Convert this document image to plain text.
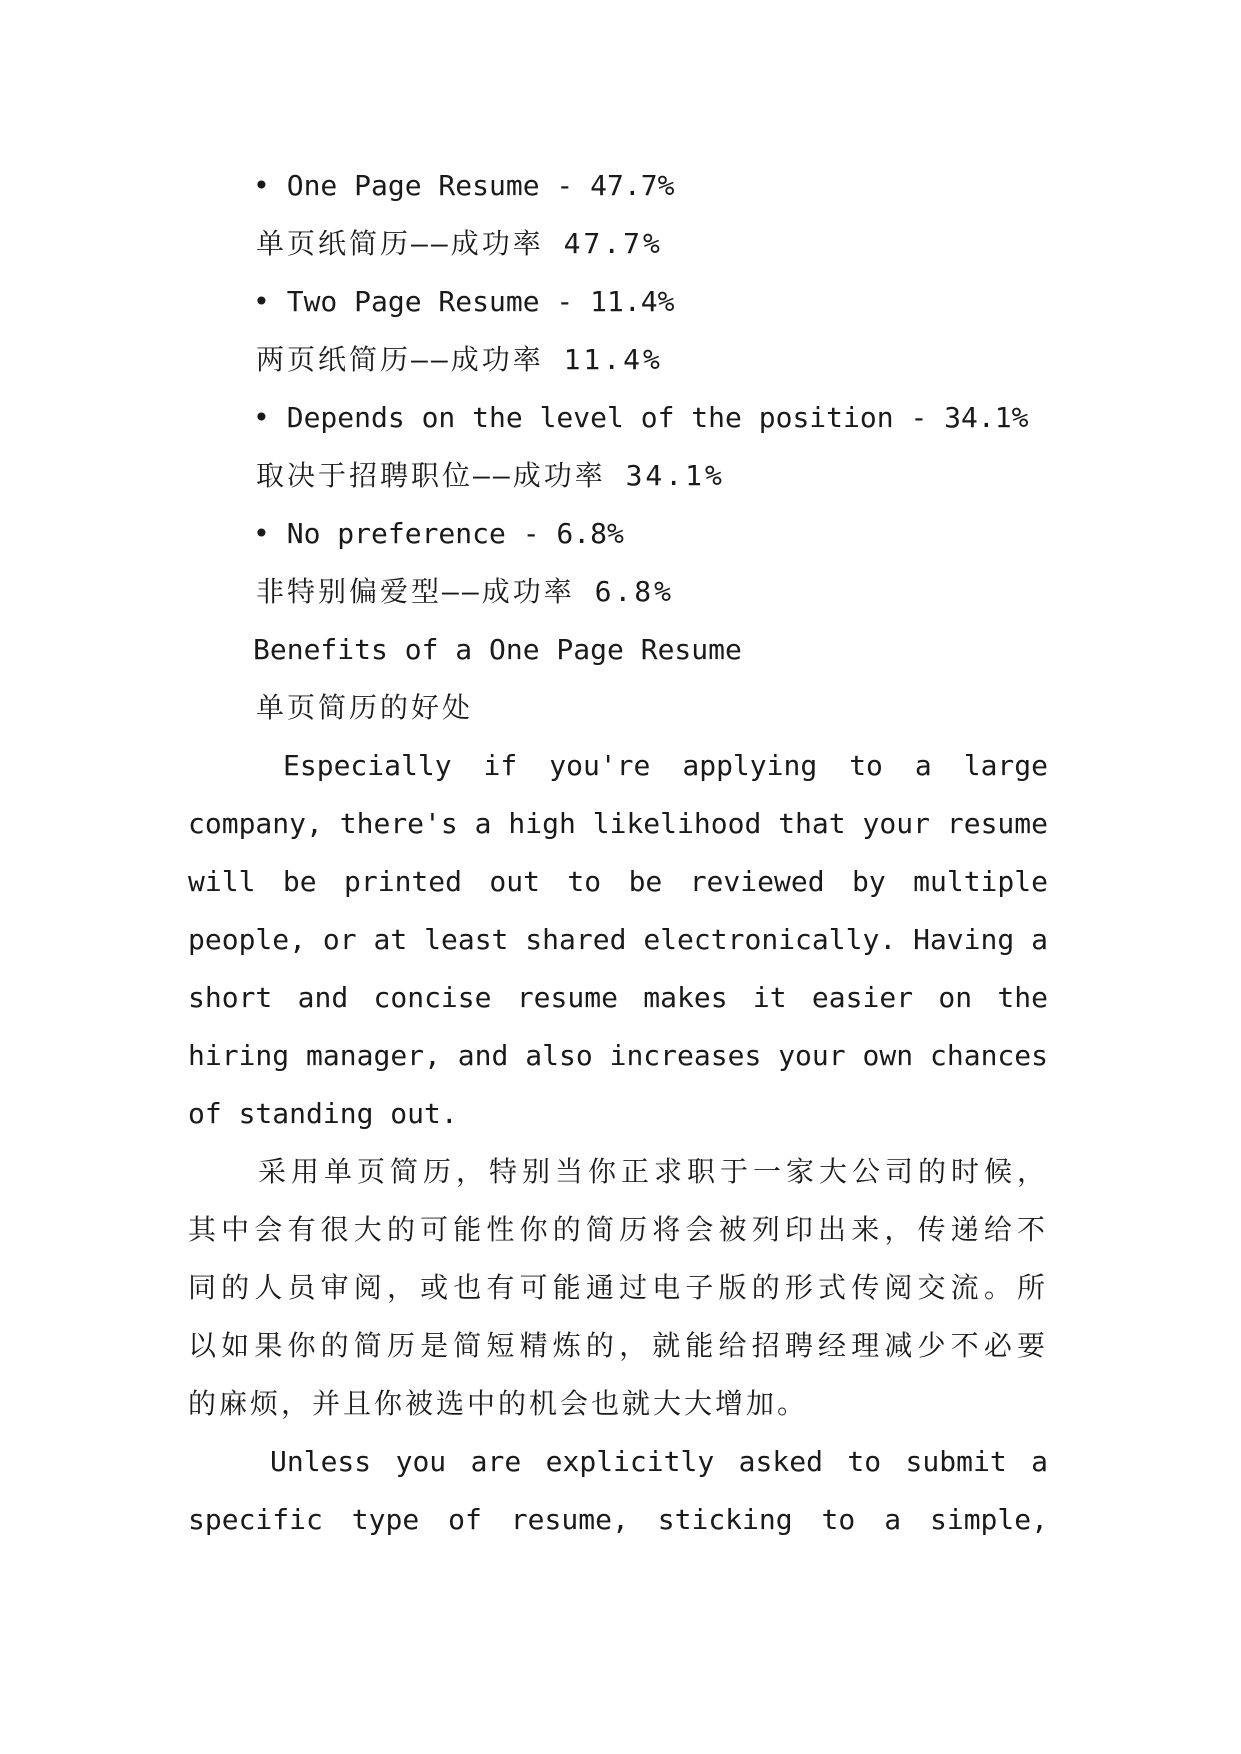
• One Page Resume - 47.7%
单页纸简历——成功率 47.7%
• Two Page Resume - 11.4%
两页纸简历——成功率 11.4%
• Depends on the level of the position - 34.1%
取决于招聘职位——成功率 34.1%
• No preference - 6.8%
非特别偏爱型——成功率 6.8%
Benefits of a One Page Resume
单页简历的好处
Especially if you're applying to a large
company, there's a high likelihood that your resume
will be printed out to be reviewed by multiple
people, or at least shared electronically. Having a
short and concise resume makes it easier on the
hiring manager, and also increases your own chances
of standing out.
采用单页简历，特别当你正求职于一家大公司的时候，
其中会有很大的可能性你的简历将会被列印出来，传递给不
同的人员审阅，或也有可能通过电子版的形式传阅交流。所
以如果你的简历是简短精炼的，就能给招聘经理减少不必要
的麻烦，并且你被选中的机会也就大大增加。
Unless you are explicitly asked to submit a
specific type of resume, sticking to a simple,
